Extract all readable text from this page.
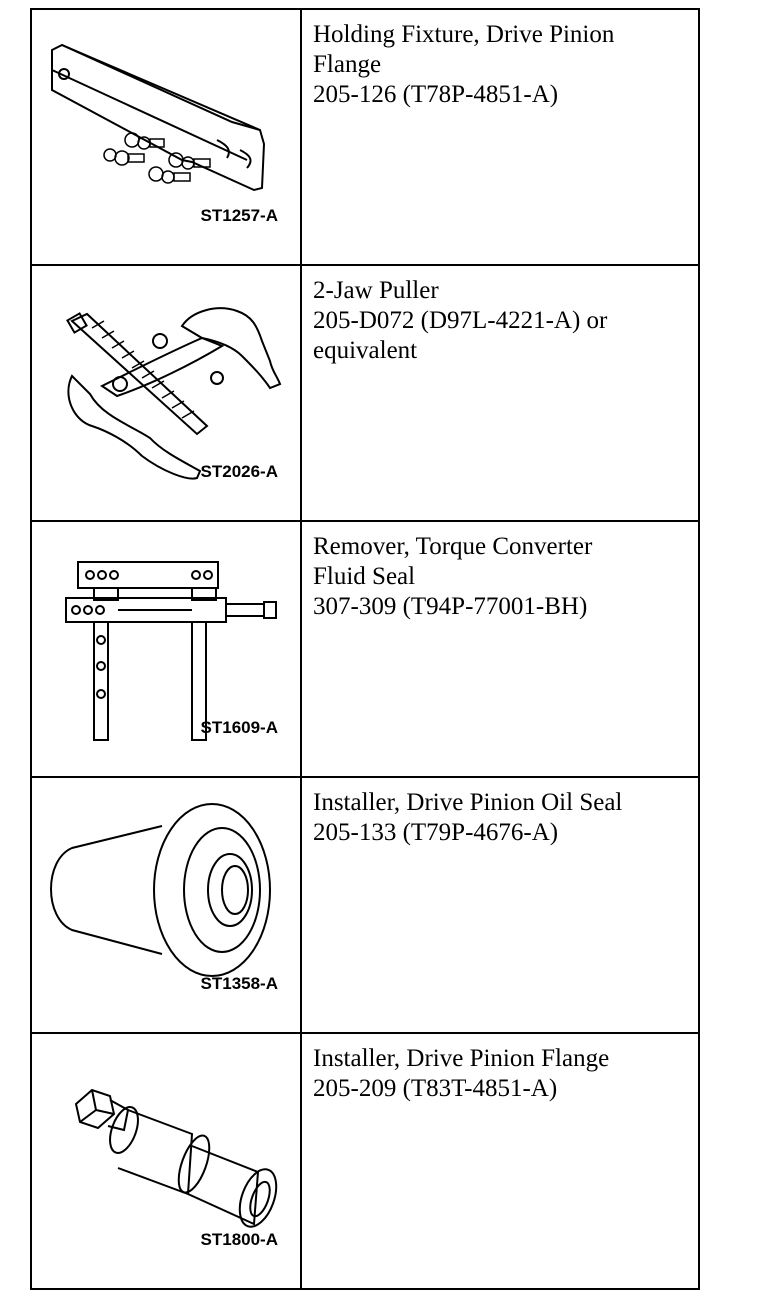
ST1257-A	Holding Fixture, Drive Pinion
Flange
205-126 (T78P-4851-A)

ST2026-A	2-Jaw Puller
205-D072 (D97L-4221-A) or
equivalent

ST1609-A	Remover, Torque Converter
Fluid Seal
307-309 (T94P-77001-BH)

ST1358-A	Installer, Drive Pinion Oil Seal
205-133 (T79P-4676-A)

ST1800-A	Installer, Drive Pinion Flange
205-209 (T83T-4851-A)
